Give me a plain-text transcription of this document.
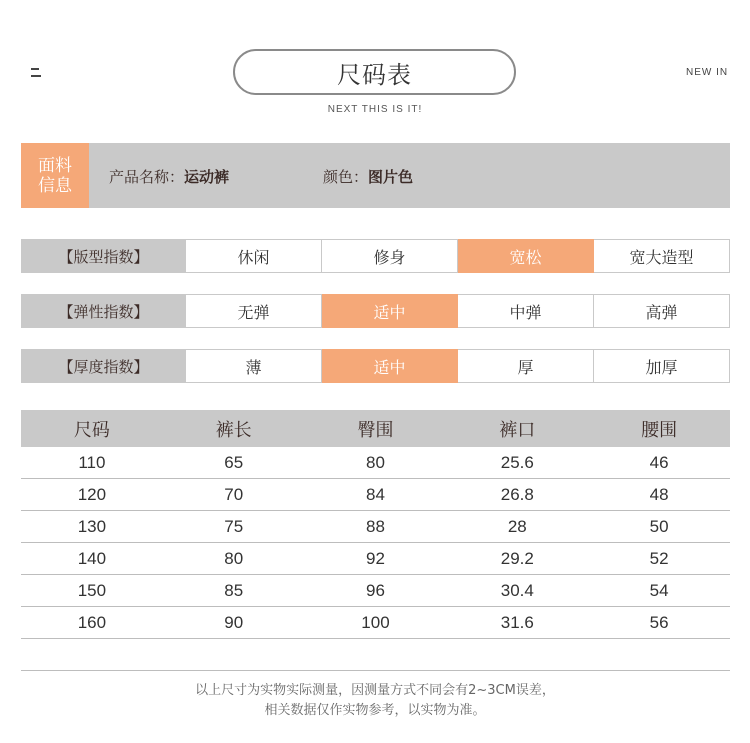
尺码表	NEW IN
NEXT THIS IS IT!
面料
信息 产品名称：运动裤	颜色：图片色
【版型指数】	休闲	修身	宽松	宽大造型
【弹性指数】	无弹	适中	中弹	高弹
【厚度指数】	薄	适中	厚	加厚
尺码	裤长	臀围	裤口	腰围
110	65	80	25.6	46
120	70	84	26.8	48
130	75	88	28	50
140	80	92	29.2	52
150	85	96	30.4	54
160	90	100	31.6	56
以上尺寸为实物实际测量，因测量方式不同会有2~3CM误差，
相关数据仅作实物参考，以实物为准。
